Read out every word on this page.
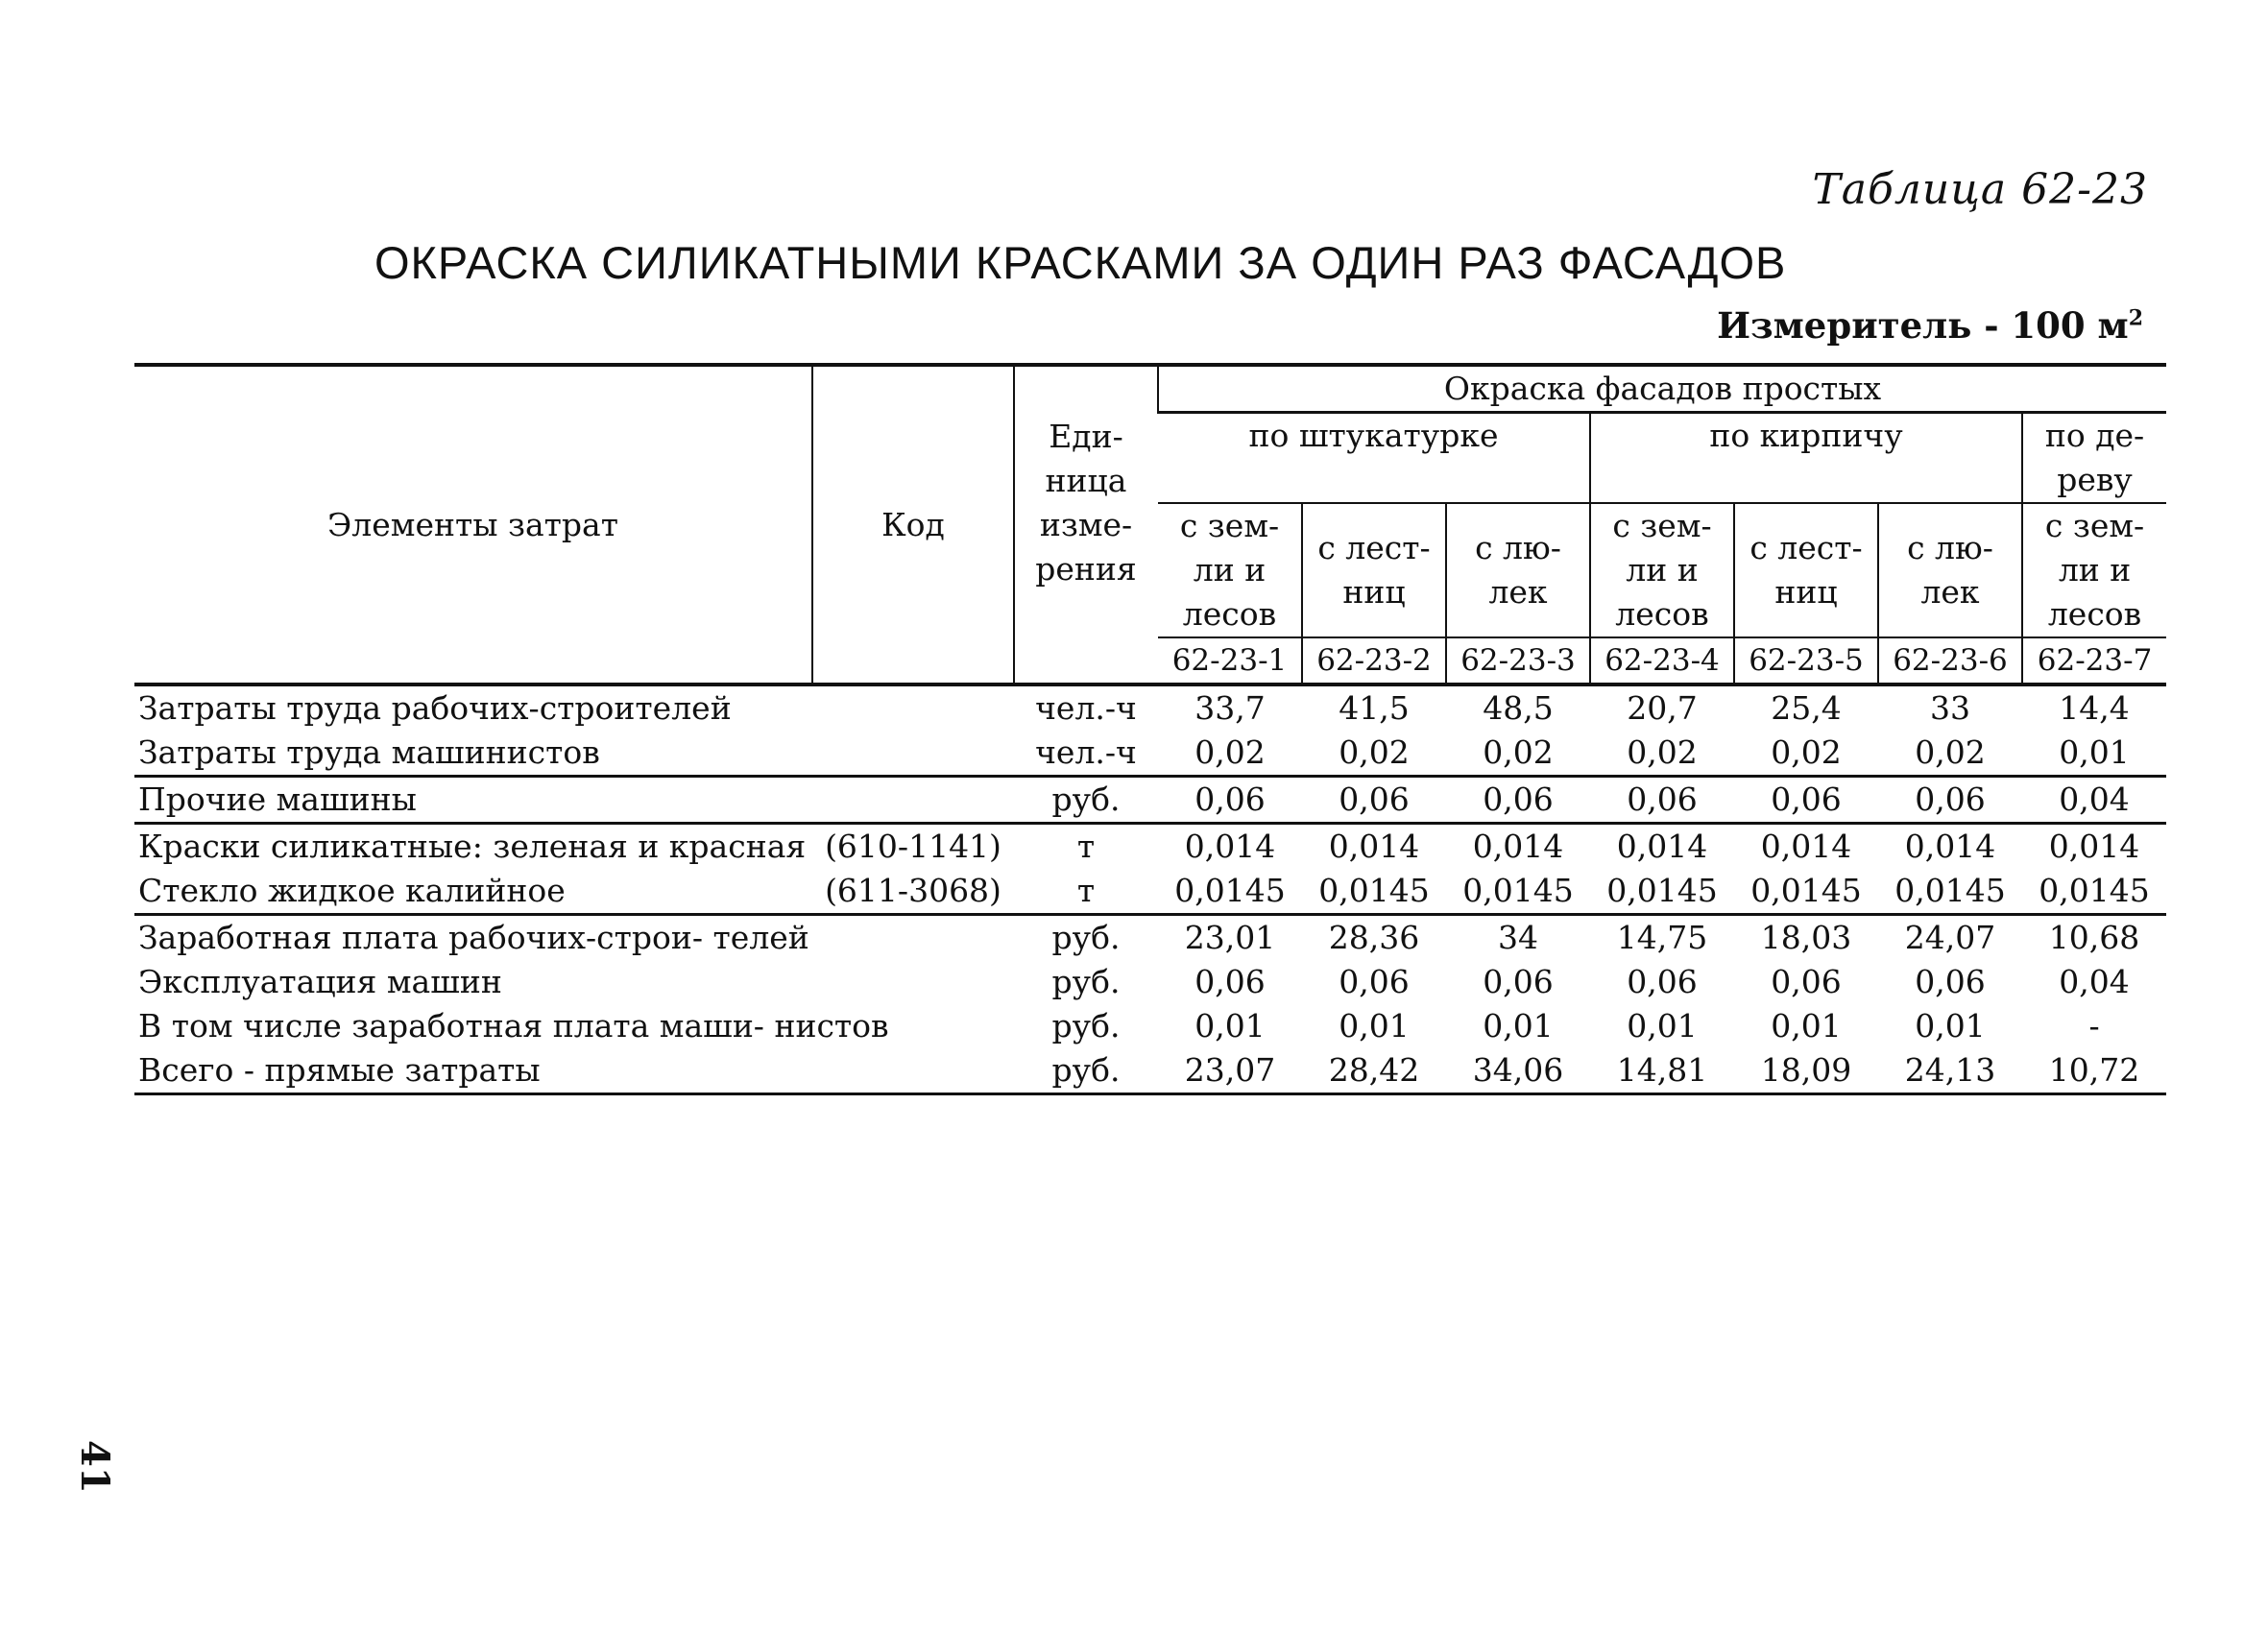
Таблица 62-23
ОКРАСКА СИЛИКАТНЫМИ КРАСКАМИ ЗА ОДИН РАЗ ФАСАДОВ
Измеритель - 100 $м^2$
Элементы затрат	Код	Еди- ница изме- рения	Окраска фасадов простых						
			по штукатурке			по кирпичу			по де- реву
			с зем- ли и лесов	с лест- ниц	с лю- лек	с зем- ли и лесов	с лест- ниц	с лю- лек	с зем- ли и лесов
			62-23-1	62-23-2	62-23-3	62-23-4	62-23-5	62-23-6	62-23-7
Затраты труда рабочих-строителей		чел.-ч	33,7	41,5	48,5	20,7	25,4	33	14,4
Затраты труда машинистов		чел.-ч	0,02	0,02	0,02	0,02	0,02	0,02	0,01
Прочие машины		руб.	0,06	0,06	0,06	0,06	0,06	0,06	0,04
Краски силикатные: зеленая и красная	(610-1141)	т	0,014	0,014	0,014	0,014	0,014	0,014	0,014
Стекло жидкое калийное	(611-3068)	т	0,0145	0,0145	0,0145	0,0145	0,0145	0,0145	0,0145
Заработная плата рабочих-строи- телей		руб.	23,01	28,36	34	14,75	18,03	24,07	10,68
Эксплуатация машин		руб.	0,06	0,06	0,06	0,06	0,06	0,06	0,04
В том числе заработная плата маши- нистов		руб.	0,01	0,01	0,01	0,01	0,01	0,01	-
Всего - прямые затраты		руб.	23,07	28,42	34,06	14,81	18,09	24,13	10,72
41
